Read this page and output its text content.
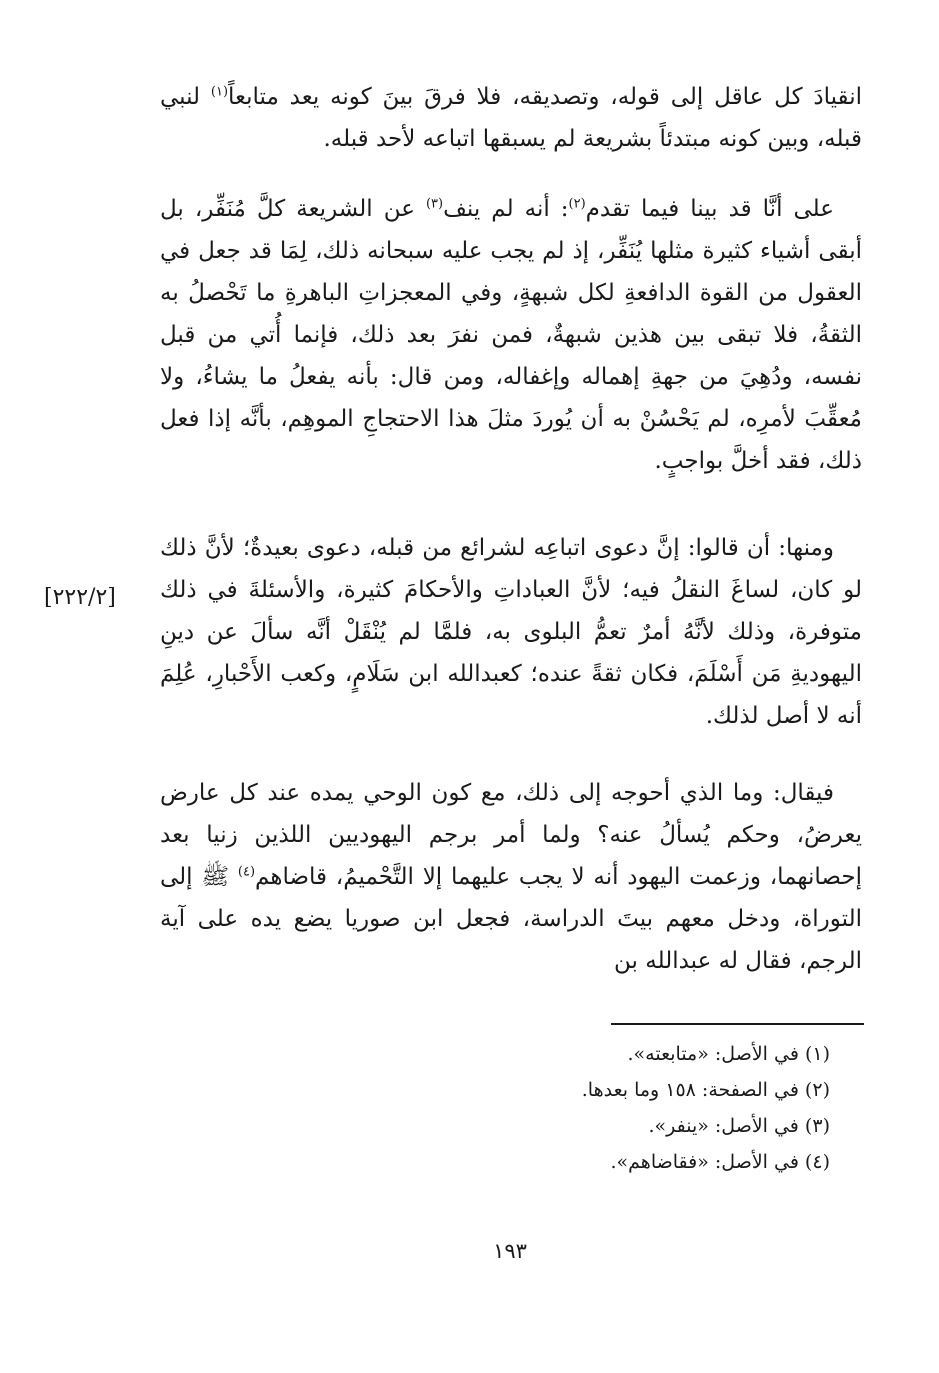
انقيادَ كل عاقل إلى قوله، وتصديقه، فلا فرقَ بينَ كونه يعد متابعاً$^{(١)}$ لنبي قبله، وبين كونه مبتدئاً بشريعة لم يسبقها اتباعه لأحد قبله.

على أنَّا قد بينا فيما تقدم$^{(٢)}$: أنه لم ينف$^{(٣)}$ عن الشريعة كلَّ مُنَفِّر، بل أبقى أشياء كثيرة مثلها يُنَفِّر، إذ لم يجب عليه سبحانه ذلك، لِمَا قد جعل في العقول من القوة الدافعةِ لكل شبهةٍ، وفي المعجزاتِ الباهرةِ ما تَحْصلُ به الثقةُ، فلا تبقى بين هذين شبهةٌ، فمن نفرَ بعد ذلك، فإنما أُتي من قبل نفسه، ودُهِيَ من جهةِ إهماله وإغفاله، ومن قال: بأنه يفعلُ ما يشاءُ، ولا مُعقِّبَ لأمرِه، لم يَحْسُنْ به أن يُوردَ مثلَ هذا الاحتجاجِ الموهِم، بأنَّه إذا فعل ذلك، فقد أخلَّ بواجبٍ.

ومنها: أن قالوا: إنَّ دعوى اتباعِه لشرائع من قبله، دعوى بعيدةٌ؛ لأنَّ ذلك لو كان، لساغَ النقلُ فيه؛ لأنَّ العباداتِ والأحكامَ كثيرة، والأسئلةَ في ذلك متوفرة، وذلك لأنَّهُ أمرٌ تعمُّ البلوى به، فلمَّا لم يُنْقَلْ أنَّه سألَ عن دينِ اليهوديةِ مَن أَسْلَمَ، فكان ثقةً عنده؛ كعبدالله ابن سَلَامٍ، وكعب الأَحْبارِ، عُلِمَ أنه لا أصل لذلك.

[٢٢٢/٢]

فيقال: وما الذي أحوجه إلى ذلك، مع كون الوحي يمده عند كل عارض يعرضُ، وحكم يُسألُ عنه؟ ولما أمر برجم اليهوديين اللذين زنيا بعد إحصانهما، وزعمت اليهود أنه لا يجب عليهما إلا التَّحْميمُ، قاضاهم$^{(٤)}$ ﷺ إلى التوراة، ودخل معهم بيتَ الدراسة، فجعل ابن صوريا يضع يده على آية الرجم، فقال له عبدالله بن

(١) في الأصل: «متابعته».

(٢) في الصفحة: ١٥٨ وما بعدها.

(٣) في الأصل: «ينفر».

(٤) في الأصل: «فقاضاهم».

١٩٣
